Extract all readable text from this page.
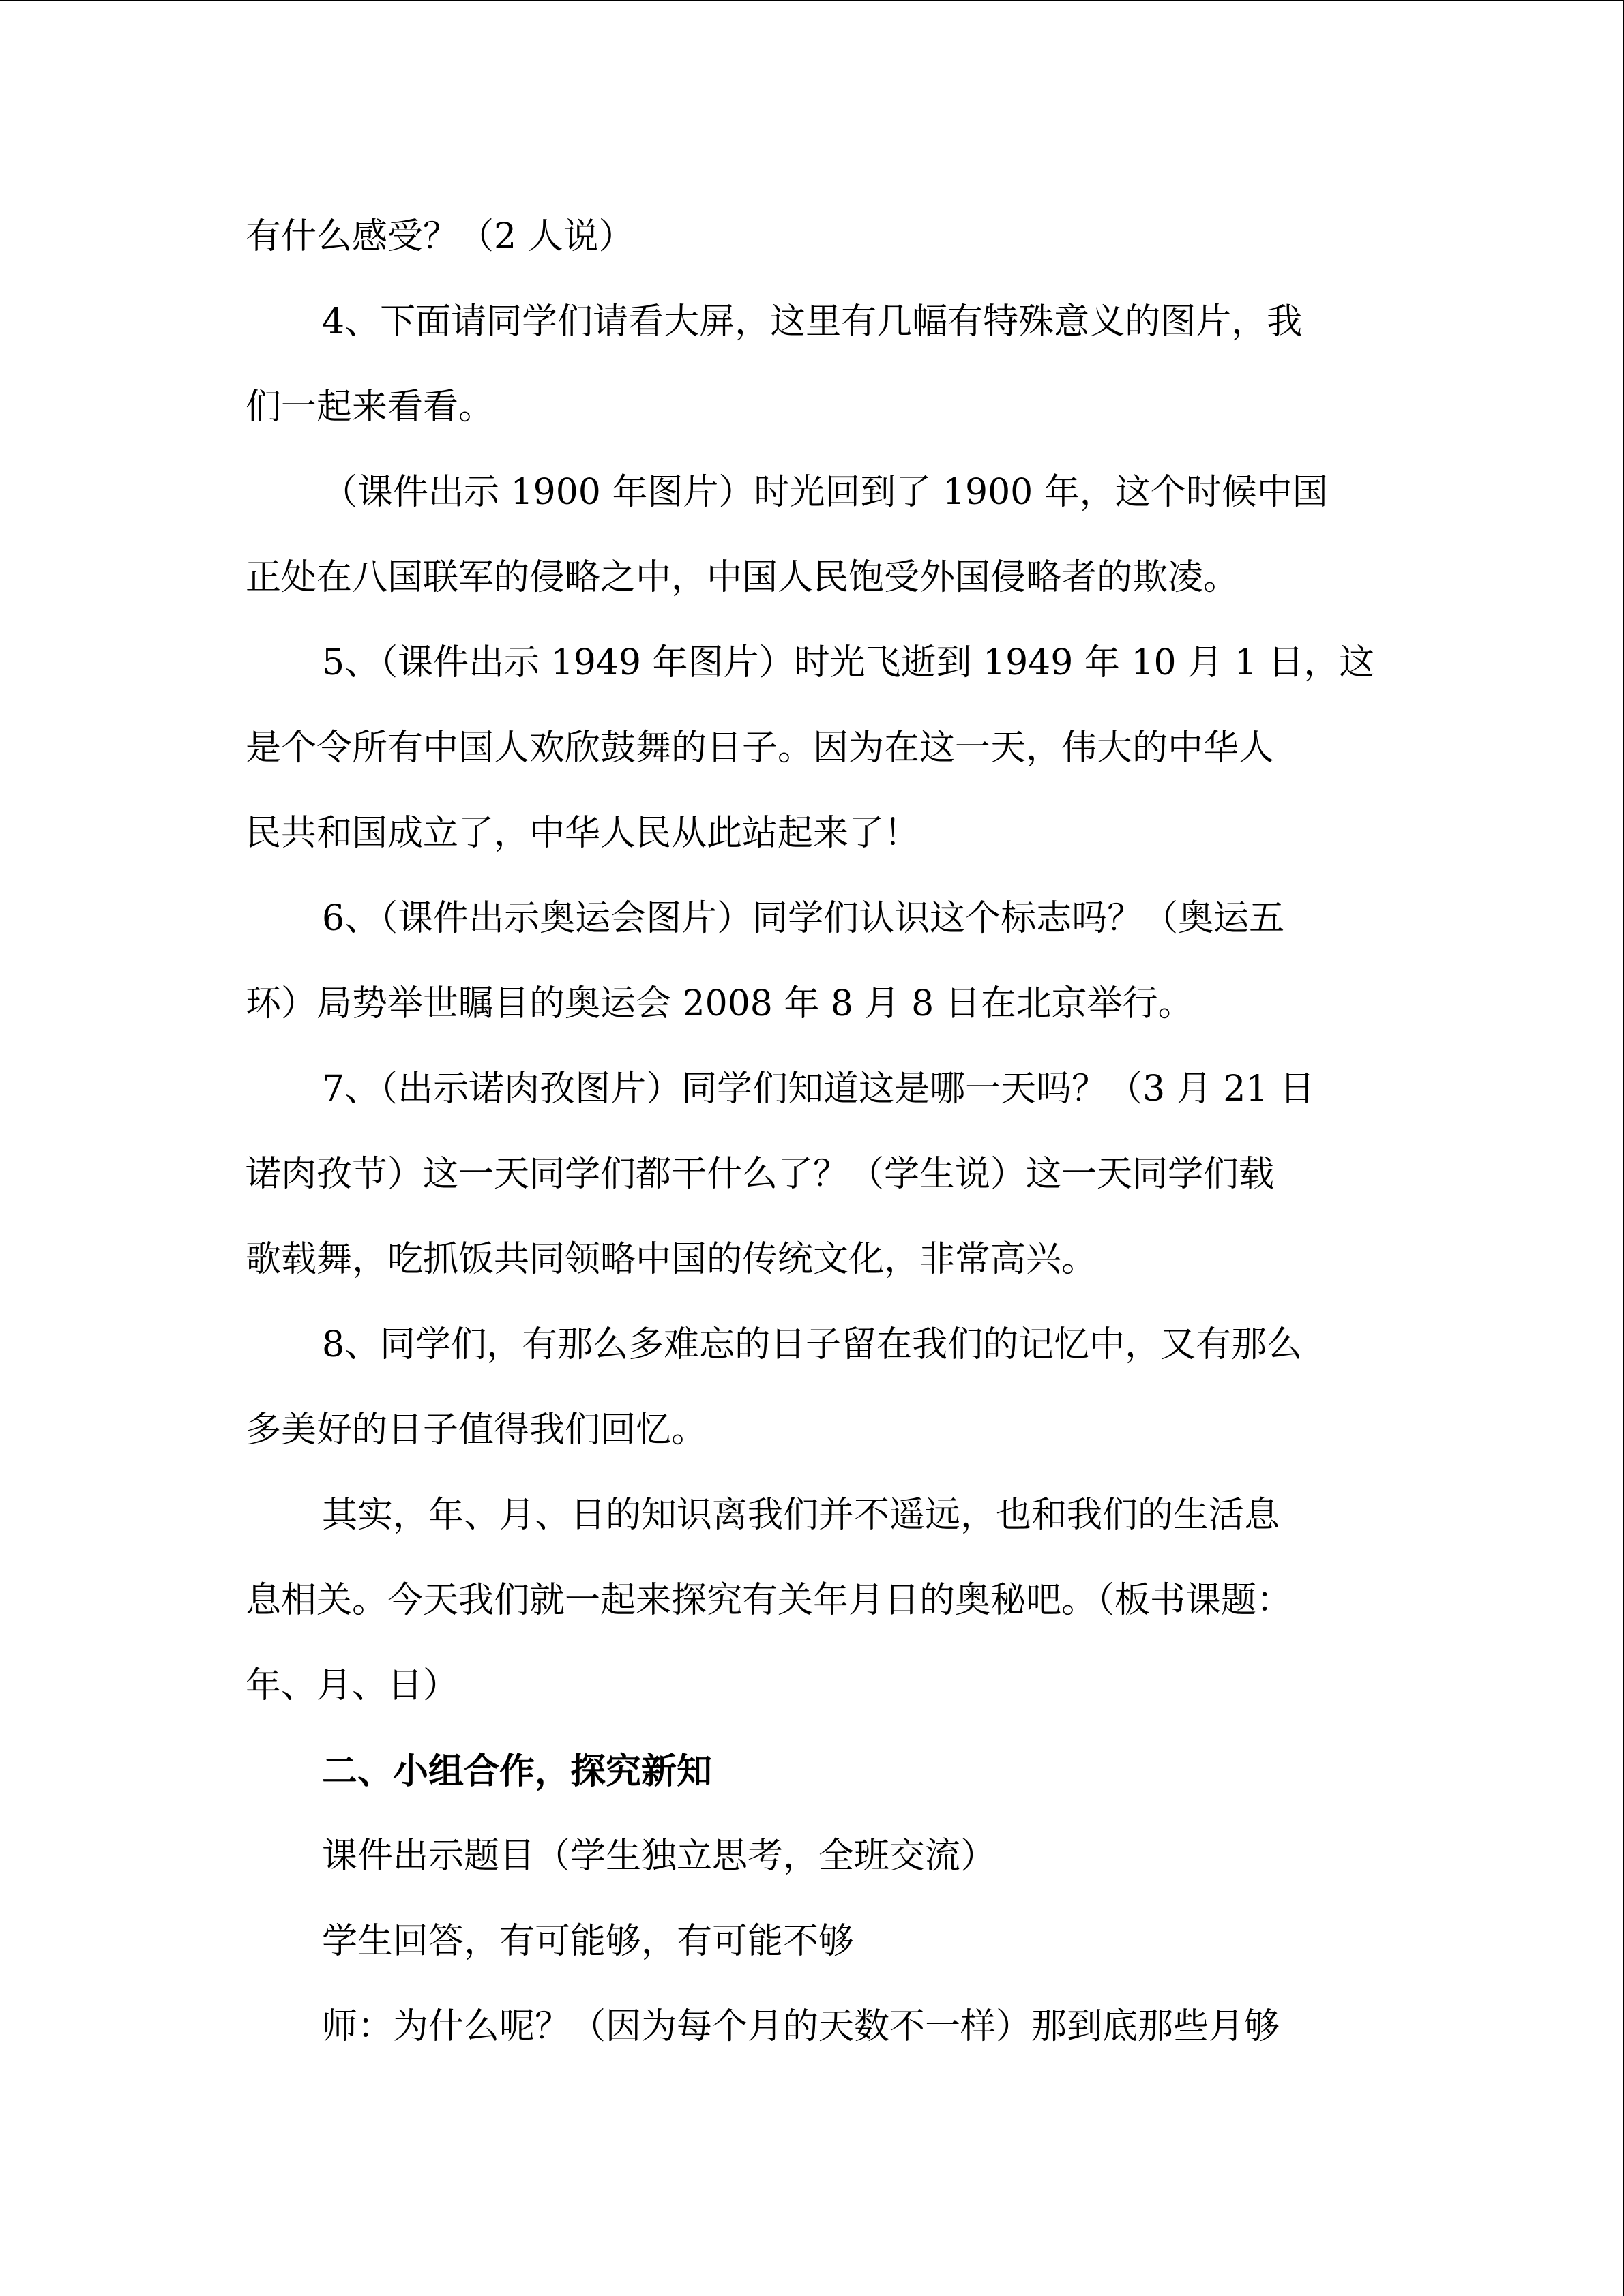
有什么感受？（2 人说）
4、下面请同学们请看大屏，这里有几幅有特殊意义的图片，我
们一起来看看。
（课件出示 1900 年图片）时光回到了 1900 年，这个时候中国
正处在八国联军的侵略之中，中国人民饱受外国侵略者的欺凌。
5、（课件出示 1949 年图片）时光飞逝到 1949 年 10 月 1 日，这
是个令所有中国人欢欣鼓舞的日子。因为在这一天，伟大的中华人
民共和国成立了，中华人民从此站起来了！
6、（课件出示奥运会图片）同学们认识这个标志吗？（奥运五
环）局势举世瞩目的奥运会 2008 年 8 月 8 日在北京举行。
7、（出示诺肉孜图片）同学们知道这是哪一天吗？（3 月 21 日
诺肉孜节）这一天同学们都干什么了？（学生说）这一天同学们载
歌载舞，吃抓饭共同领略中国的传统文化，非常高兴。
8、同学们，有那么多难忘的日子留在我们的记忆中，又有那么
多美好的日子值得我们回忆。
其实，年、月、日的知识离我们并不遥远，也和我们的生活息
息相关。今天我们就一起来探究有关年月日的奥秘吧。（板书课题：
年、月、日）
二、小组合作，探究新知
课件出示题目（学生独立思考，全班交流）
学生回答，有可能够，有可能不够
师：为什么呢？（因为每个月的天数不一样）那到底那些月够
